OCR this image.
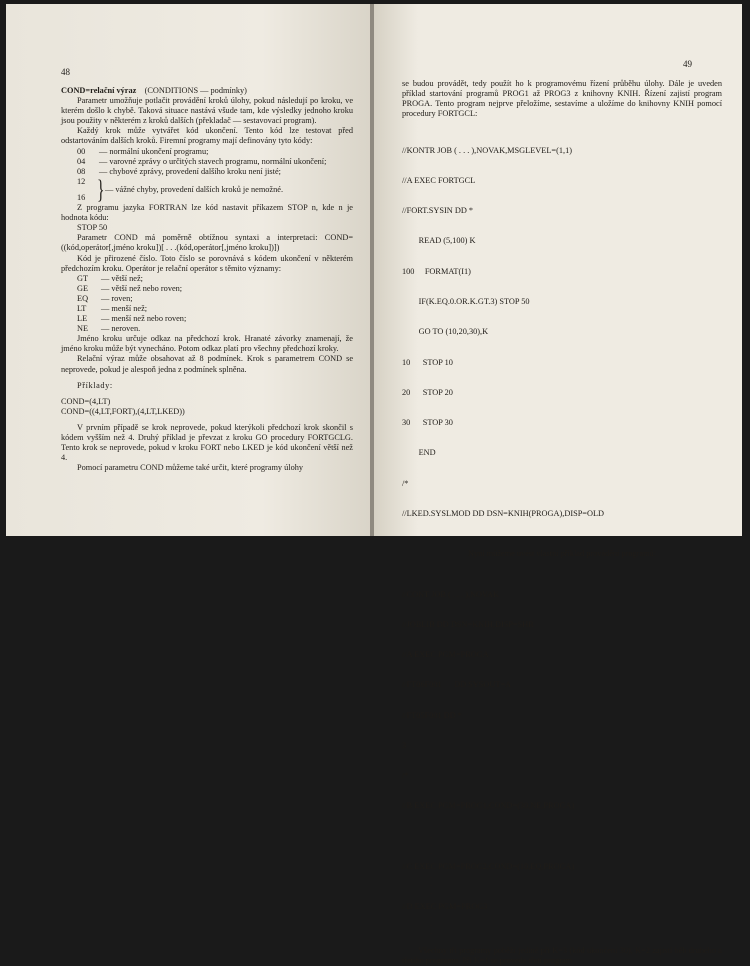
48

COND=relační výraz (CONDITIONS — podmínky)

Parametr umožňuje potlačit provádění kroků úlohy, pokud následují po kroku, ve kterém došlo k chybě. Taková situace nastává všude tam, kde výsledky jednoho kroku jsou použity v některém z kroků dalších (překladač — sestavovací program).

Každý krok může vytvářet kód ukončení. Tento kód lze testovat před odstartováním dalších kroků. Firemní programy mají definovány tyto kódy:

00	— normální ukončení programu;
04	— varovné zprávy o určitých stavech programu, normální ukončení;
08	— chybové zprávy, provedení dalšího kroku není jisté;
12
16 } — vážné chyby, provedení dalších kroků je nemožné.

Z programu jazyka FORTRAN lze kód nastavit příkazem STOP n, kde n je hodnota kódu:

STOP 50

Parametr COND má poměrně obtížnou syntaxi a interpretaci: COND=((kód,operátor[,jméno kroku])[ . . .(kód,operátor[,jméno kroku])])

Kód je přirozené číslo. Toto číslo se porovnává s kódem ukončení v některém předchozím kroku. Operátor je relační operátor s těmito významy:

GT	— větší než;
GE	— větší než nebo roven;
EQ	— roven;
LT	— menší než;
LE	— menší než nebo roven;
NE	— neroven.

Jméno kroku určuje odkaz na předchozí krok. Hranaté závorky znamenají, že jméno kroku může být vynecháno. Potom odkaz platí pro všechny předchozí kroky.

Relační výraz může obsahovat až 8 podmínek. Krok s parametrem COND se neprovede, pokud je alespoň jedna z podmínek splněna.

Příklady:

COND=(4,LT)

COND=((4,LT,FORT),(4,LT,LKED))

V prvním případě se krok neprovede, pokud kterýkoli předchozí krok skončil s kódem vyšším než 4. Druhý příklad je převzat z kroku GO procedury FORTGCLG. Tento krok se neprovede, pokud v kroku FORT nebo LKED je kód ukončení větší než 4.

Pomocí parametru COND můžeme také určit, které programy úlohy

49

se budou provádět, tedy použít ho k programovému řízení průběhu úlohy. Dále je uveden příklad startování programů PROG1 až PROG3 z knihovny KNIH. Řízení zajistí program PROGA. Tento program nejprve přeložíme, sestavíme a uložíme do knihovny KNIH pomocí procedury FORTGCL:

//KONTR JOB ( . . . ),NOVAK,MSGLEVEL=(1,1)

//A EXEC FORTGCL

//FORT.SYSIN DD *

READ (5,100) K

100     FORMAT(I1)

IF(K.EQ.0.OR.K.GT.3) STOP 50

GO TO (10,20,30),K

10      STOP 10

20      STOP 20

30      STOP 30

END

/*

//LKED.SYSLMOD DD DSN=KNIH(PROGA),DISP=OLD

Nyní můžeme uvést vlastní příklad provádění programů:

//CONT JOB ( . . . ),NOVAK

//JOBLIB DD DSN=KNIH,DISP=SHR

//A EXEC PGM=PROGA

//FT06F001      DD SYSOUT=A

//FT05F001 DD *

3

/*

//B EXEC PGM=PROG1,COND=(30,NE,PROGA)

.
.
.
//C EXEC PGM=PROG2,COND=(10,EQ,PROGA)
.
.
.
//D EXEC PGM=PROG3
.
.
.

Všechny tři programy poběží jedině při K=3 (kód ukončení 30), K=2 zajistí běh druhého a třetího programu. Při K=1 se provede třetí program
